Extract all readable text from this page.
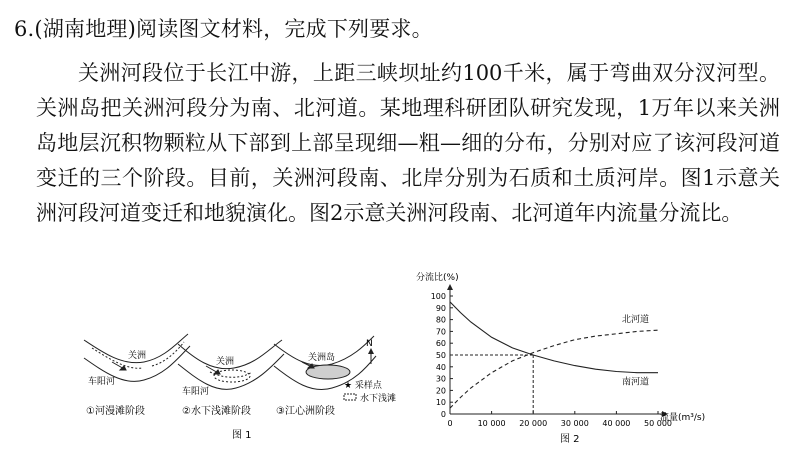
6.(湖南地理)阅读图文材料，完成下列要求。
关洲河段位于长江中游，上距三峡坝址约100千米，属于弯曲双分汊河型。关洲岛把关洲河段分为南、北河道。某地理科研团队研究发现，1万年以来关洲岛地层沉积物颗粒从下部到上部呈现细—粗—细的分布，分别对应了该河段河道变迁的三个阶段。目前，关洲河段南、北岸分别为石质和土质河岸。图1示意关洲河段河道变迁和地貌演化。图2示意关洲河段南、北河道年内流量分流比。
关洲
关洲	关洲岛
车阳河
车阳河
①河漫滩阶段	②水下浅滩阶段	③江心洲阶段
N
★ 采样点
水下浅滩
图 1
0
10
20
30
40
50
60
70
80
90
100
0	10 000 20 000 30 000 40 000 50 000
北河道
南河道
分流比(%)
流量(m³/s)
图 2
